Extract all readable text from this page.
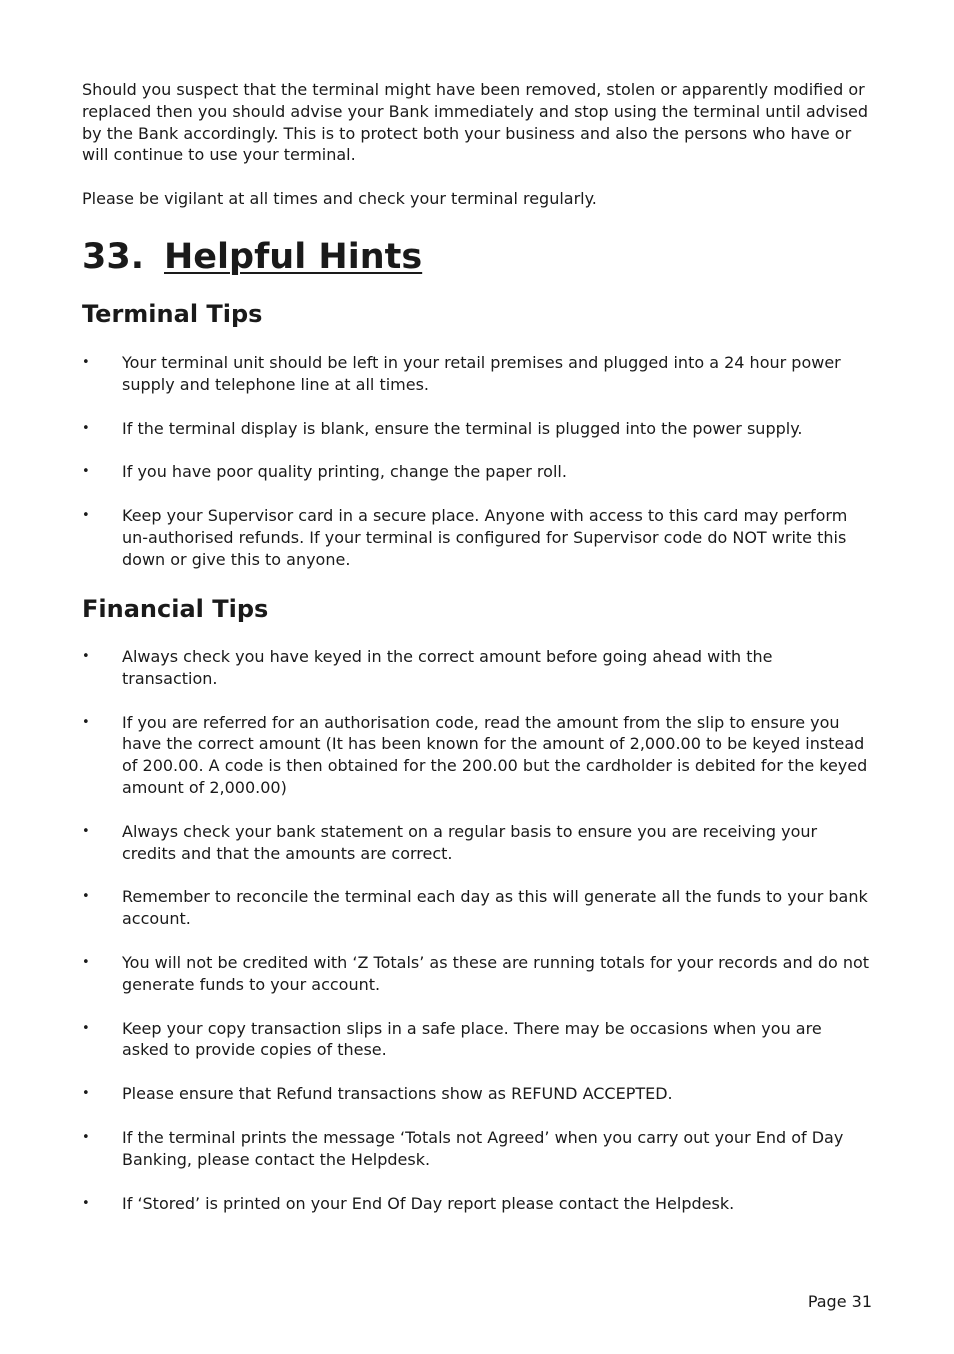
Should you suspect that the terminal might have been removed, stolen or apparently modified or replaced then you should advise your Bank immediately and stop using the terminal until advised by the Bank accordingly. This is to protect both your business and also the persons who have or will continue to use your terminal.

Please be vigilant at all times and check your terminal regularly.

33. Helpful Hints
Terminal Tips
• Your terminal unit should be left in your retail premises and plugged into a 24 hour power supply and telephone line at all times.
• If the terminal display is blank, ensure the terminal is plugged into the power supply.
• If you have poor quality printing, change the paper roll.
• Keep your Supervisor card in a secure place. Anyone with access to this card may perform un-authorised refunds. If your terminal is configured for Supervisor code do NOT write this down or give this to anyone.
Financial Tips
• Always check you have keyed in the correct amount before going ahead with the transaction.
• If you are referred for an authorisation code, read the amount from the slip to ensure you have the correct amount (It has been known for the amount of 2,000.00 to be keyed instead of 200.00. A code is then obtained for the 200.00 but the cardholder is debited for the keyed amount of 2,000.00)
• Always check your bank statement on a regular basis to ensure you are receiving your credits and that the amounts are correct.
• Remember to reconcile the terminal each day as this will generate all the funds to your bank account.
• You will not be credited with ‘Z Totals’ as these are running totals for your records and do not generate funds to your account.
• Keep your copy transaction slips in a safe place. There may be occasions when you are asked to provide copies of these.
• Please ensure that Refund transactions show as REFUND ACCEPTED.
• If the terminal prints the message ‘Totals not Agreed’ when you carry out your End of Day Banking, please contact the Helpdesk.
• If ‘Stored’ is printed on your End Of Day report please contact the Helpdesk.
Page 31
